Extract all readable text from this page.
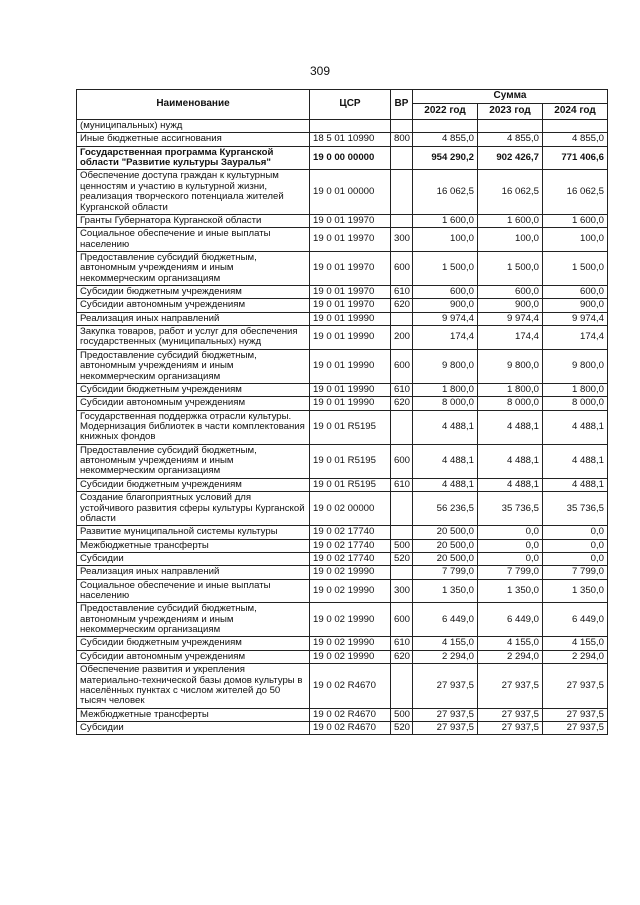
309
Наименование	ЦСР	ВР	Сумма		
			2022 год	2023 год	2024 год
(муниципальных) нужд					
Иные бюджетные ассигнования	18 5 01 10990	800	4 855,0	4 855,0	4 855,0
Государственная программа Курганской области "Развитие культуры Зауралья"	19 0 00 00000		954 290,2	902 426,7	771 406,6
Обеспечение доступа граждан к культурным ценностям и участию в культурной жизни, реализация творческого потенциала жителей Курганской области	19 0 01 00000		16 062,5	16 062,5	16 062,5
Гранты Губернатора Курганской области	19 0 01 19970		1 600,0	1 600,0	1 600,0
Социальное обеспечение и иные выплаты населению	19 0 01 19970	300	100,0	100,0	100,0
Предоставление субсидий бюджетным, автономным учреждениям и иным некоммерческим организациям	19 0 01 19970	600	1 500,0	1 500,0	1 500,0
Субсидии бюджетным учреждениям	19 0 01 19970	610	600,0	600,0	600,0
Субсидии автономным учреждениям	19 0 01 19970	620	900,0	900,0	900,0
Реализация иных направлений	19 0 01 19990		9 974,4	9 974,4	9 974,4
Закупка товаров, работ и услуг для обеспечения государственных (муниципальных) нужд	19 0 01 19990	200	174,4	174,4	174,4
Предоставление субсидий бюджетным, автономным учреждениям и иным некоммерческим организациям	19 0 01 19990	600	9 800,0	9 800,0	9 800,0
Субсидии бюджетным учреждениям	19 0 01 19990	610	1 800,0	1 800,0	1 800,0
Субсидии автономным учреждениям	19 0 01 19990	620	8 000,0	8 000,0	8 000,0
Государственная поддержка отрасли культуры. Модернизация библиотек в части комплектования книжных фондов	19 0 01 R5195		4 488,1	4 488,1	4 488,1
Предоставление субсидий бюджетным, автономным учреждениям и иным некоммерческим организациям	19 0 01 R5195	600	4 488,1	4 488,1	4 488,1
Субсидии бюджетным учреждениям	19 0 01 R5195	610	4 488,1	4 488,1	4 488,1
Создание благоприятных условий для устойчивого развития сферы культуры Курганской области	19 0 02 00000		56 236,5	35 736,5	35 736,5
Развитие муниципальной системы культуры	19 0 02 17740		20 500,0	0,0	0,0
Межбюджетные трансферты	19 0 02 17740	500	20 500,0	0,0	0,0
Субсидии	19 0 02 17740	520	20 500,0	0,0	0,0
Реализация иных направлений	19 0 02 19990		7 799,0	7 799,0	7 799,0
Социальное обеспечение и иные выплаты населению	19 0 02 19990	300	1 350,0	1 350,0	1 350,0
Предоставление субсидий бюджетным, автономным учреждениям и иным некоммерческим организациям	19 0 02 19990	600	6 449,0	6 449,0	6 449,0
Субсидии бюджетным учреждениям	19 0 02 19990	610	4 155,0	4 155,0	4 155,0
Субсидии автономным учреждениям	19 0 02 19990	620	2 294,0	2 294,0	2 294,0
Обеспечение развития и укрепления материально-технической базы домов культуры в населённых пунктах с числом жителей до 50 тысяч человек	19 0 02 R4670		27 937,5	27 937,5	27 937,5
Межбюджетные трансферты	19 0 02 R4670	500	27 937,5	27 937,5	27 937,5
Субсидии	19 0 02 R4670	520	27 937,5	27 937,5	27 937,5
